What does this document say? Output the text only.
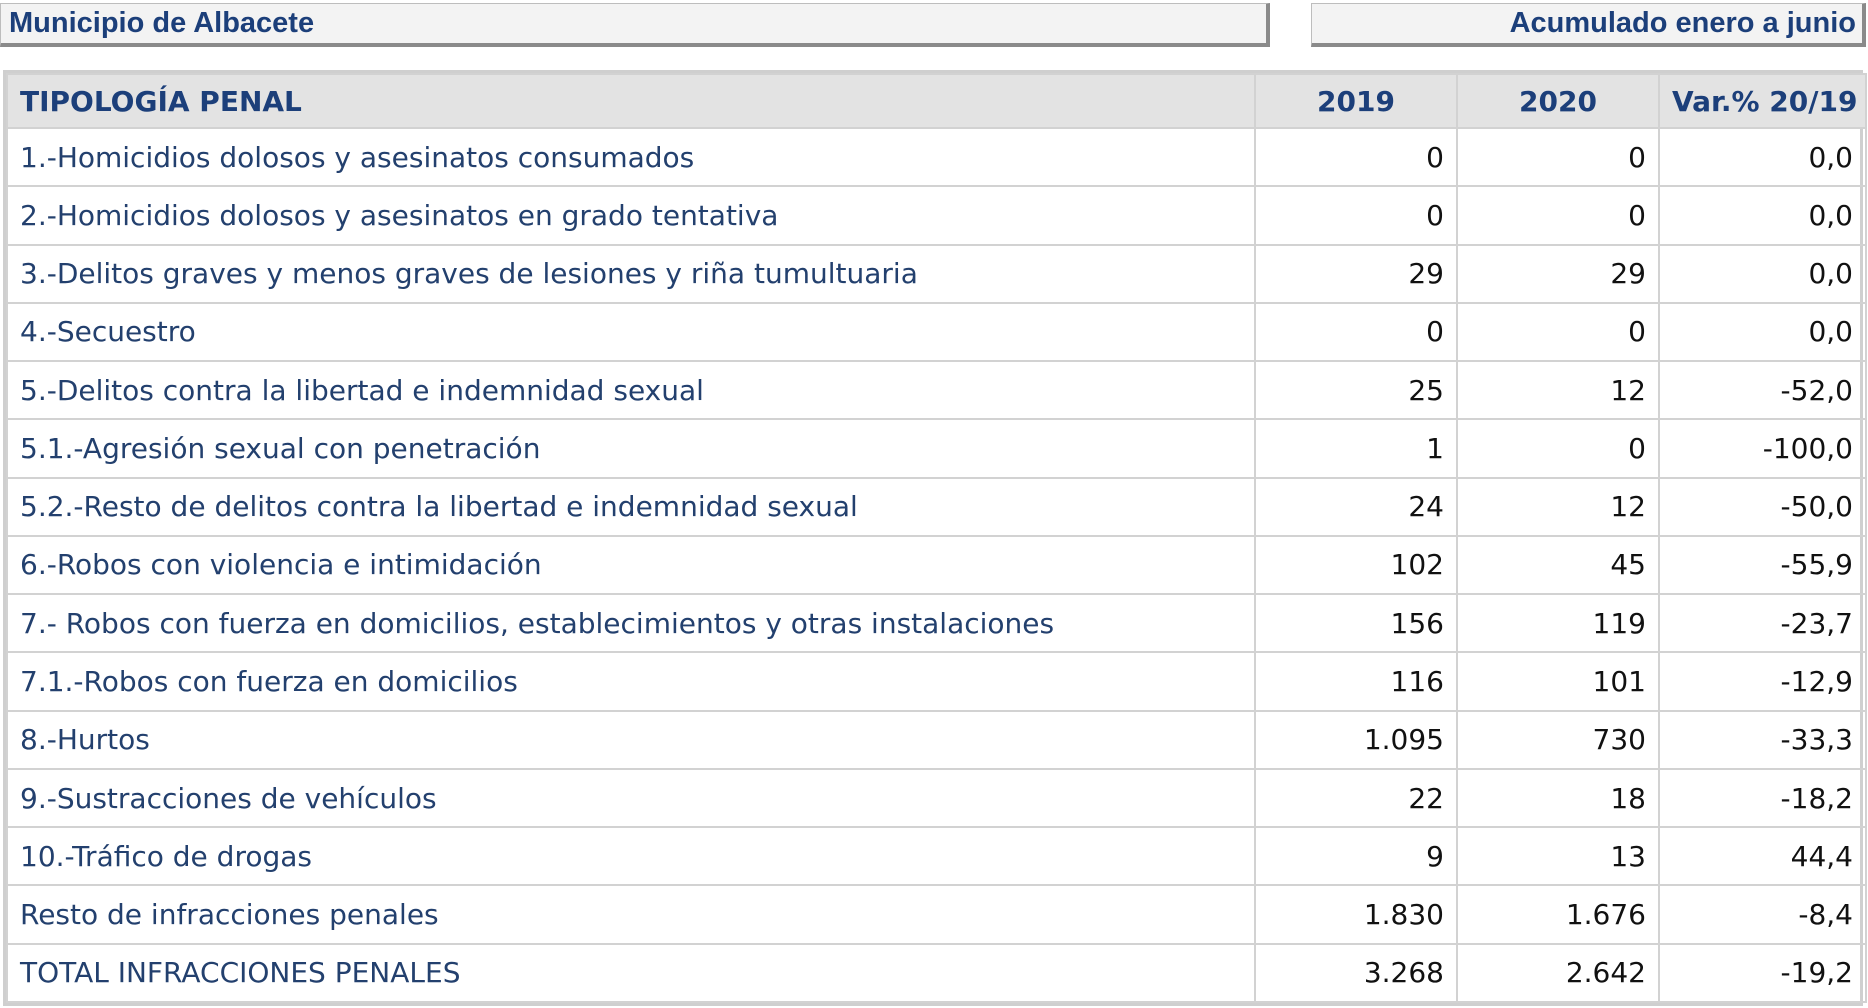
Municipio de Albacete	Acumulado enero a junio
TIPOLOGÍA PENAL	2019	2020	Var.% 20/19
1.-Homicidios dolosos y asesinatos consumados	0	0	0,0
2.-Homicidios dolosos y asesinatos en grado tentativa	0	0	0,0
3.-Delitos graves y menos graves de lesiones y riña tumultuaria	29	29	0,0
4.-Secuestro	0	0	0,0
5.-Delitos contra la libertad e indemnidad sexual	25	12	-52,0
5.1.-Agresión sexual con penetración	1	0	-100,0
5.2.-Resto de delitos contra la libertad e indemnidad sexual	24	12	-50,0
6.-Robos con violencia e intimidación	102	45	-55,9
7.- Robos con fuerza en domicilios, establecimientos y otras instalaciones	156	119	-23,7
7.1.-Robos con fuerza en domicilios	116	101	-12,9
8.-Hurtos	1.095	730	-33,3
9.-Sustracciones de vehículos	22	18	-18,2
10.-Tráfico de drogas	9	13	44,4
Resto de infracciones penales	1.830	1.676	-8,4
TOTAL INFRACCIONES PENALES	3.268	2.642	-19,2
